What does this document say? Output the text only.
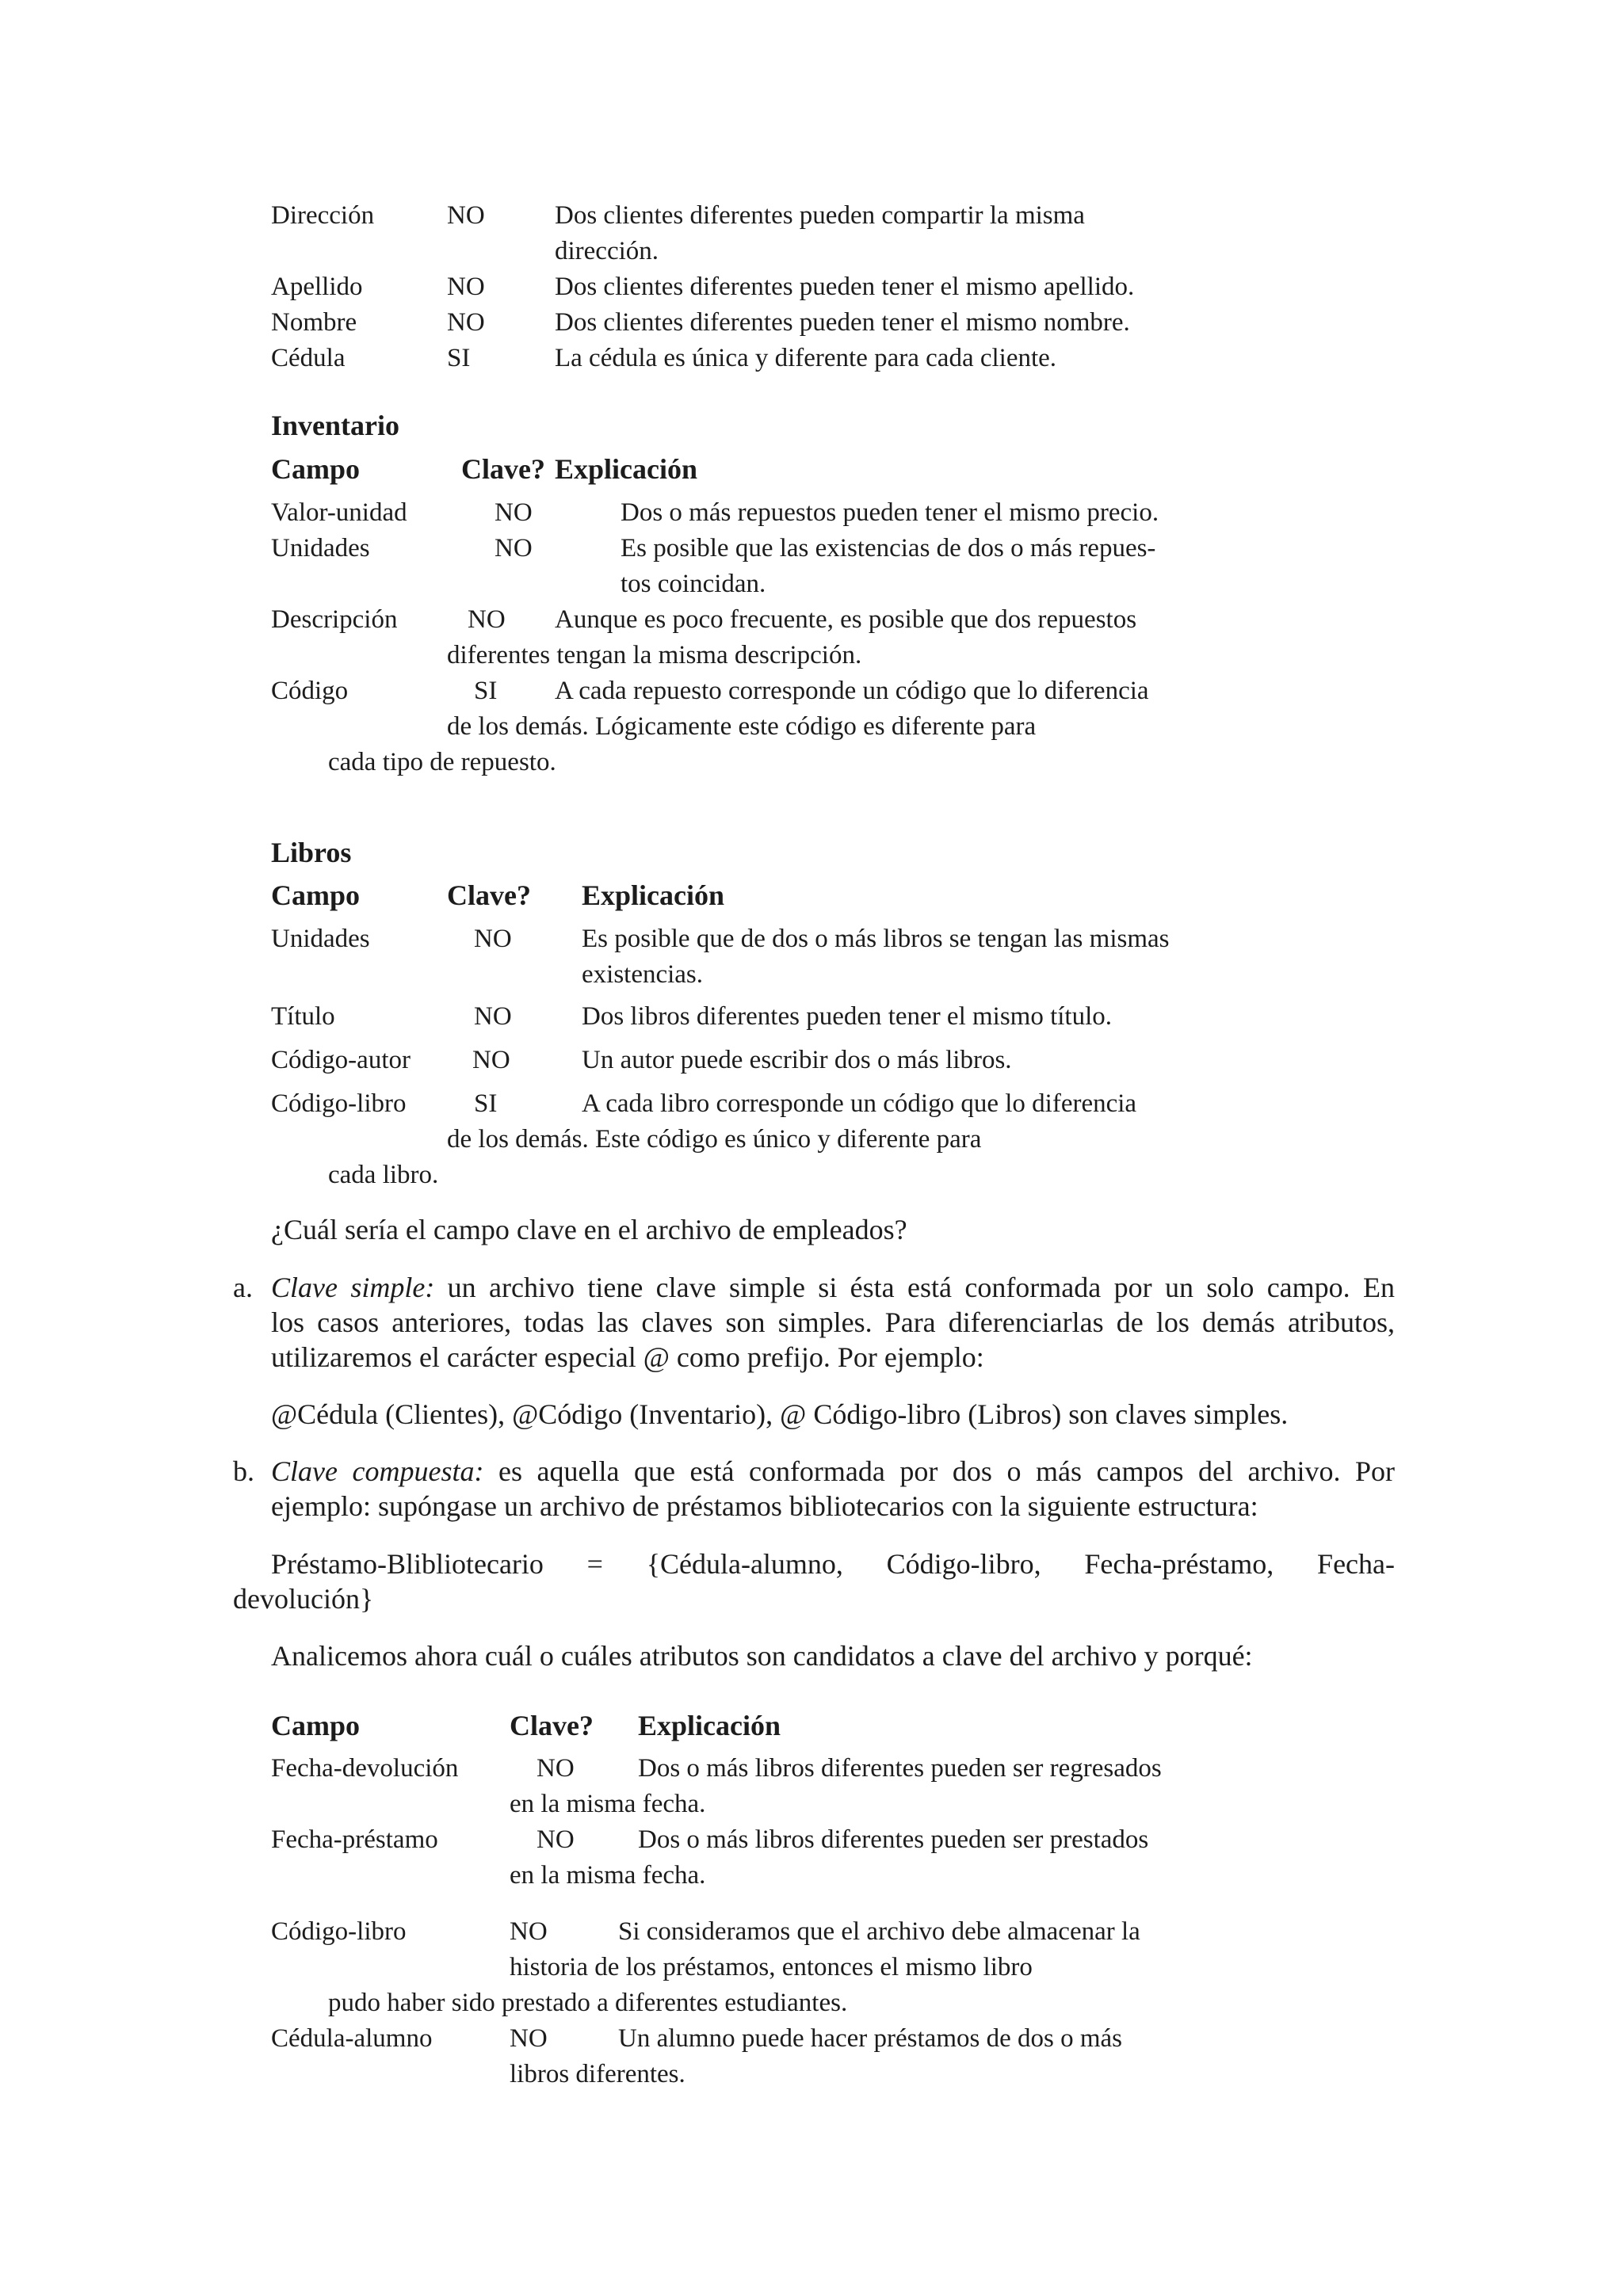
Dirección	NO	Dos clientes diferentes pueden compartir la misma
dirección.
Apellido	NO	Dos clientes diferentes pueden tener el mismo apellido.
Nombre	NO	Dos clientes diferentes pueden tener el mismo nombre.
Cédula	SI	La cédula es única y diferente para cada cliente.
Inventario
Campo	Clave? Explicación
Valor-unidad	NO	Dos o más repuestos pueden tener el mismo precio.
Unidades	NO	Es posible que las existencias de dos o más repues-
tos coincidan.
Descripción	NO Aunque es poco frecuente, es posible que dos repuestos
diferentes tengan la misma descripción.
Código	SI A cada repuesto corresponde un código que lo diferencia
de los demás. Lógicamente este código es diferente para
cada tipo de repuesto.
Libros
Campo	Clave? Explicación
Unidades	NO	Es posible que de dos o más libros se tengan las mismas
existencias.
Título	NO	Dos libros diferentes pueden tener el mismo título.
Código-autor NO	Un autor puede escribir dos o más libros.
Código-libro	SI	A cada libro corresponde un código que lo diferencia
de los demás. Este código es único y diferente para
cada libro.
¿Cuál sería el campo clave en el archivo de empleados?
a. Clave simple: un archivo tiene clave simple si ésta está conformada por un solo campo. En
los casos anteriores, todas las claves son simples. Para diferenciarlas de los demás atributos,
utilizaremos el carácter especial @ como prefijo. Por ejemplo:
@Cédula (Clientes), @Código (Inventario), @ Código-libro (Libros) son claves simples.
b. Clave compuesta: es aquella que está conformada por dos o más campos del archivo. Por
ejemplo: supóngase un archivo de préstamos bibliotecarios con la siguiente estructura:
Préstamo-Blibliotecario = {Cédula-alumno, Código-libro, Fecha-préstamo, Fecha-
devolución}
Analicemos ahora cuál o cuáles atributos son candidatos a clave del archivo y porqué:
Campo	Clave? Explicación
Fecha-devolución	NO Dos o más libros diferentes pueden ser regresados
en la misma fecha.
Fecha-préstamo	NO Dos o más libros diferentes pueden ser prestados
en la misma fecha.
Código-libro	NO	Si consideramos que el archivo debe almacenar la
historia de los préstamos, entonces el mismo libro
pudo haber sido prestado a diferentes estudiantes.
Cédula-alumno	NO	Un alumno puede hacer préstamos de dos o más
libros diferentes.
